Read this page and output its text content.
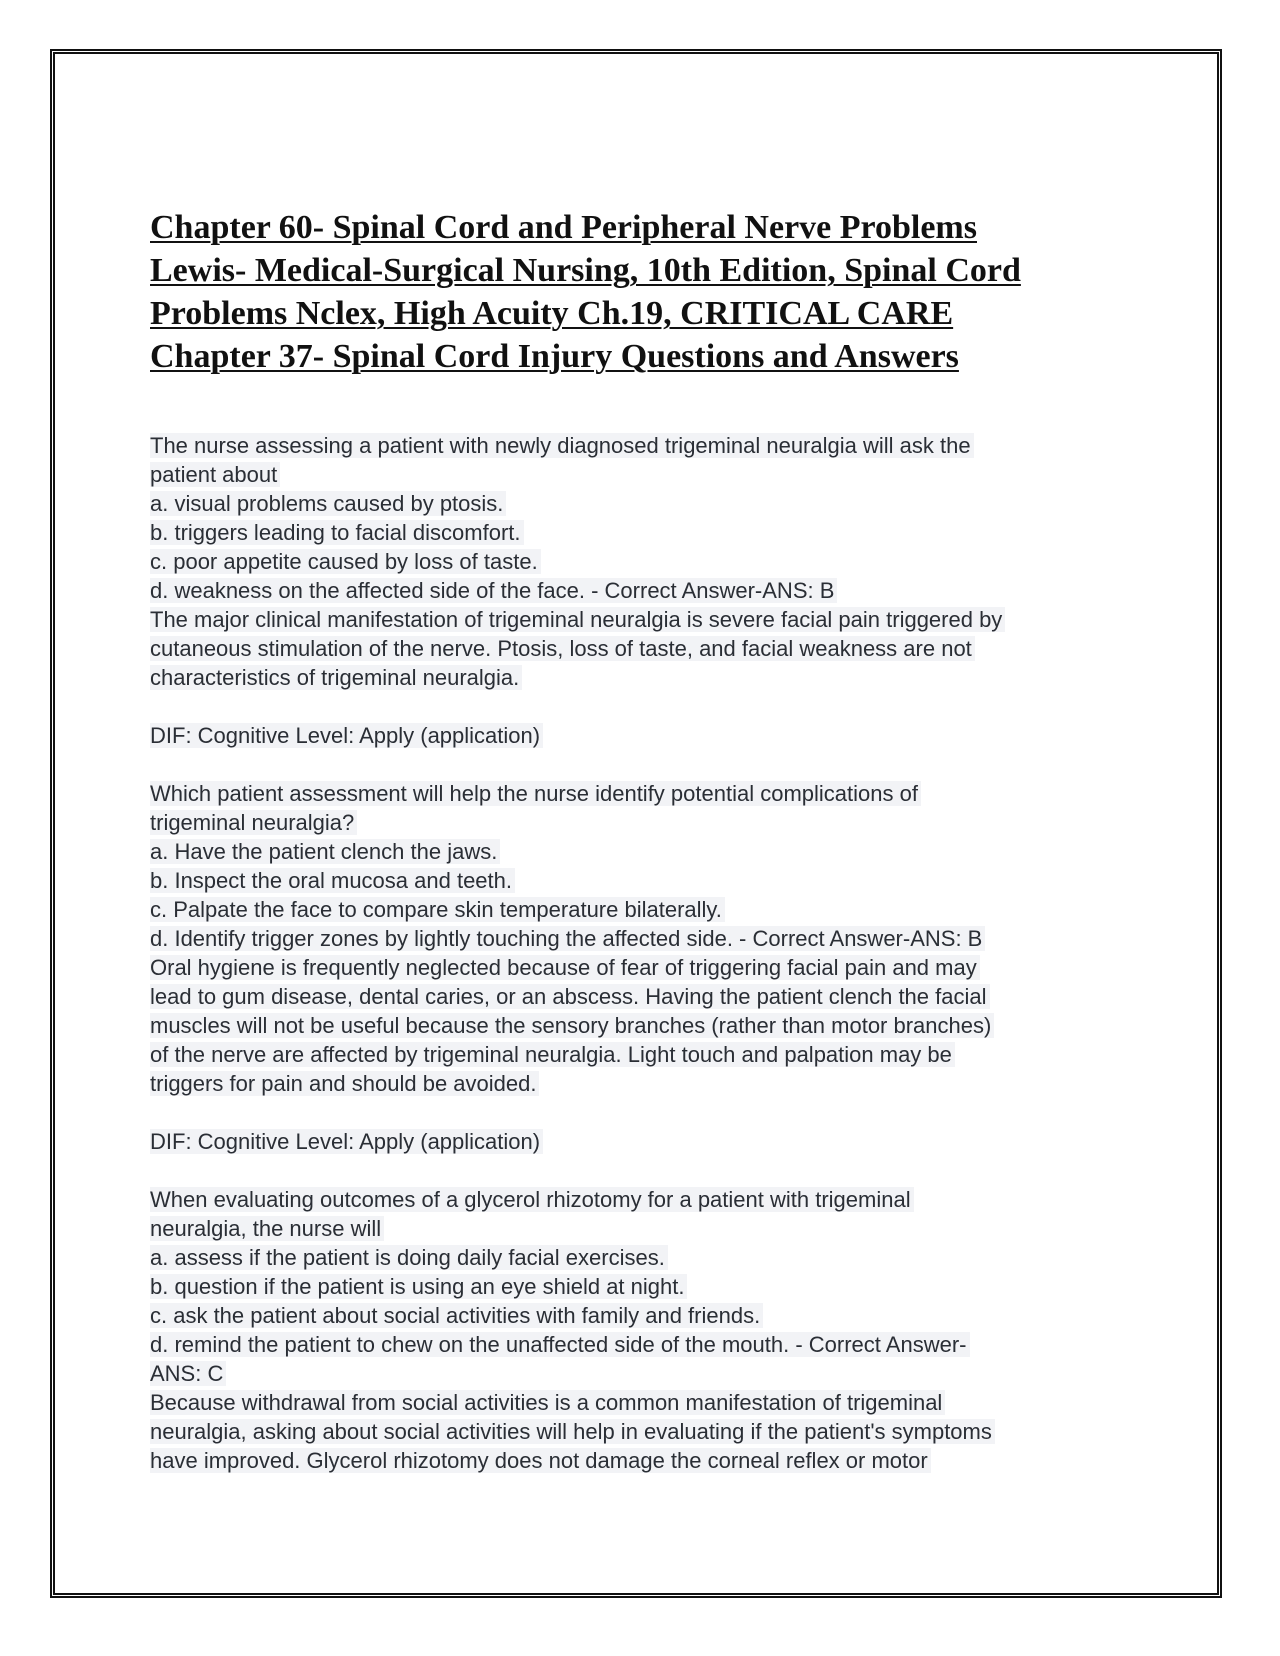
Chapter 60- Spinal Cord and Peripheral Nerve Problems
Lewis- Medical-Surgical Nursing, 10th Edition, Spinal Cord
Problems Nclex, High Acuity Ch.19, CRITICAL CARE
Chapter 37- Spinal Cord Injury Questions and Answers
The nurse assessing a patient with newly diagnosed trigeminal neuralgia will ask the
patient about
a. visual problems caused by ptosis.
b. triggers leading to facial discomfort.
c. poor appetite caused by loss of taste.
d. weakness on the affected side of the face. - Correct Answer-ANS: B
The major clinical manifestation of trigeminal neuralgia is severe facial pain triggered by
cutaneous stimulation of the nerve. Ptosis, loss of taste, and facial weakness are not
characteristics of trigeminal neuralgia.
DIF: Cognitive Level: Apply (application)
Which patient assessment will help the nurse identify potential complications of
trigeminal neuralgia?
a. Have the patient clench the jaws.
b. Inspect the oral mucosa and teeth.
c. Palpate the face to compare skin temperature bilaterally.
d. Identify trigger zones by lightly touching the affected side. - Correct Answer-ANS: B
Oral hygiene is frequently neglected because of fear of triggering facial pain and may
lead to gum disease, dental caries, or an abscess. Having the patient clench the facial
muscles will not be useful because the sensory branches (rather than motor branches)
of the nerve are affected by trigeminal neuralgia. Light touch and palpation may be
triggers for pain and should be avoided.
DIF: Cognitive Level: Apply (application)
When evaluating outcomes of a glycerol rhizotomy for a patient with trigeminal
neuralgia, the nurse will
a. assess if the patient is doing daily facial exercises.
b. question if the patient is using an eye shield at night.
c. ask the patient about social activities with family and friends.
d. remind the patient to chew on the unaffected side of the mouth. - Correct Answer-
ANS: C
Because withdrawal from social activities is a common manifestation of trigeminal
neuralgia, asking about social activities will help in evaluating if the patient's symptoms
have improved. Glycerol rhizotomy does not damage the corneal reflex or motor
